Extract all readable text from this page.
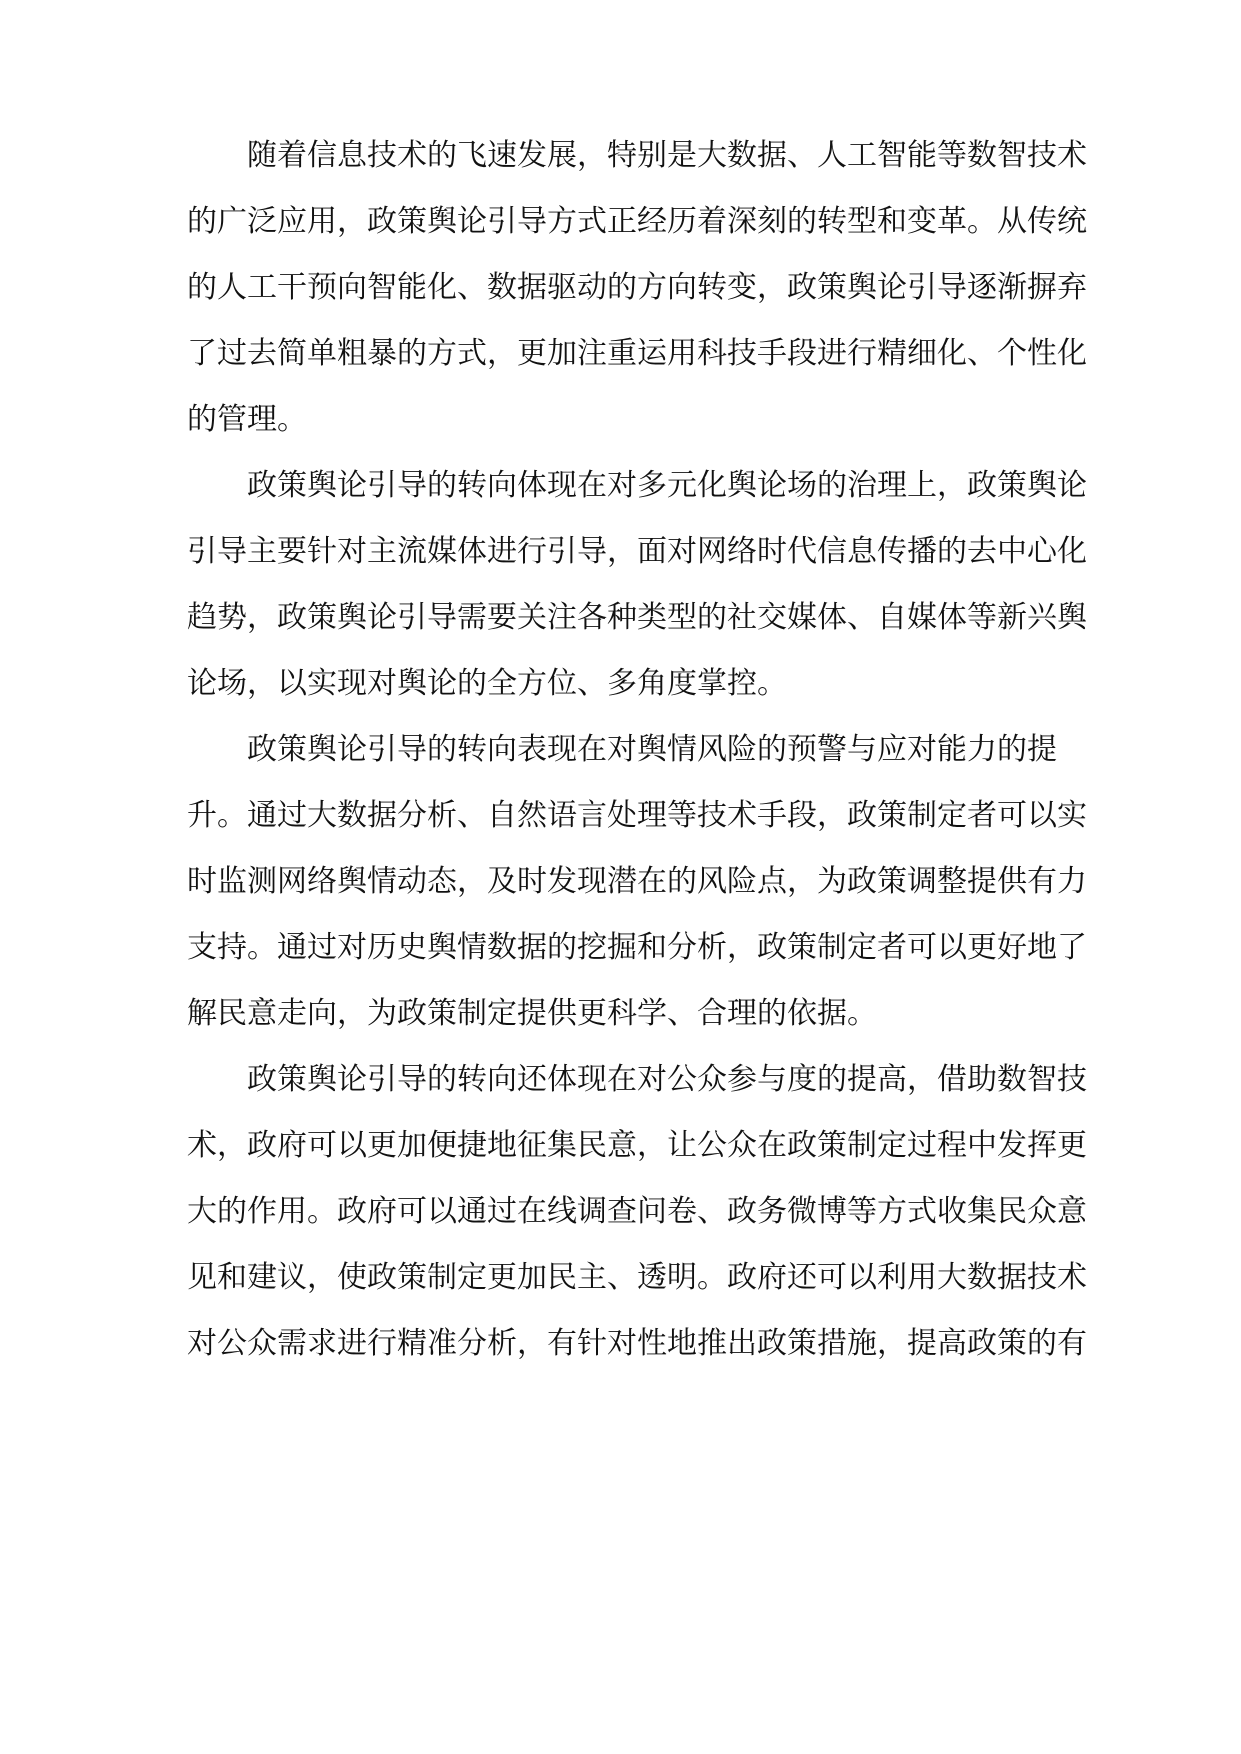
随着信息技术的飞速发展，特别是大数据、人工智能等数智技术

的广泛应用，政策舆论引导方式正经历着深刻的转型和变革。从传统

的人工干预向智能化、数据驱动的方向转变，政策舆论引导逐渐摒弃

了过去简单粗暴的方式，更加注重运用科技手段进行精细化、个性化

的管理。

政策舆论引导的转向体现在对多元化舆论场的治理上，政策舆论

引导主要针对主流媒体进行引导，面对网络时代信息传播的去中心化

趋势，政策舆论引导需要关注各种类型的社交媒体、自媒体等新兴舆

论场，以实现对舆论的全方位、多角度掌控。

政策舆论引导的转向表现在对舆情风险的预警与应对能力的提

升。通过大数据分析、自然语言处理等技术手段，政策制定者可以实

时监测网络舆情动态，及时发现潜在的风险点，为政策调整提供有力

支持。通过对历史舆情数据的挖掘和分析，政策制定者可以更好地了

解民意走向，为政策制定提供更科学、合理的依据。

政策舆论引导的转向还体现在对公众参与度的提高，借助数智技

术，政府可以更加便捷地征集民意，让公众在政策制定过程中发挥更

大的作用。政府可以通过在线调查问卷、政务微博等方式收集民众意

见和建议，使政策制定更加民主、透明。政府还可以利用大数据技术

对公众需求进行精准分析，有针对性地推出政策措施，提高政策的有
